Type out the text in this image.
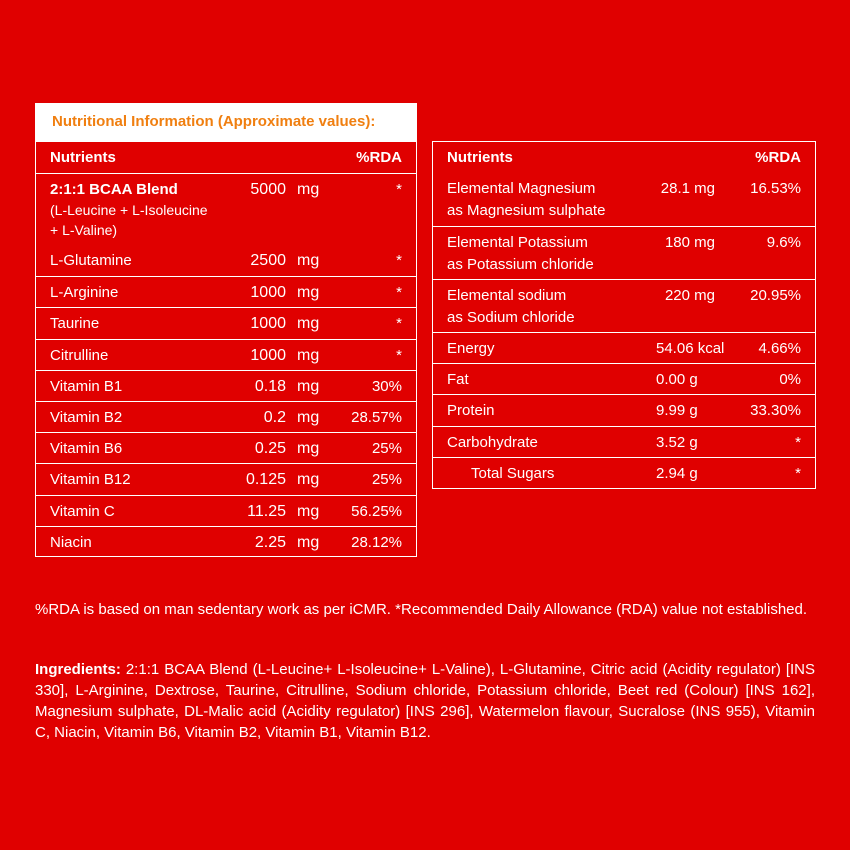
Nutritional Information (Approximate values):
Nutrients	%RDA
2:1:1 BCAA Blend
(L-Leucine + L-Isoleucine
+ L-Valine)
5000 mg	*
L-Glutamine	2500 mg	*
L-Arginine	1000 mg	*
Taurine	1000 mg	*
Citrulline	1000 mg	*
Vitamin B1	0.18 mg	30%
Vitamin B2	0.2 mg 28.57%
Vitamin B6	0.25 mg	25%
Vitamin B12	0.125 mg	25%
Vitamin C	11.25 mg 56.25%
Niacin	2.25 mg 28.12%
Nutrients	%RDA
Elemental Magnesium
as Magnesium sulphate
28.1 mg 16.53%
Elemental Potassium
as Potassium chloride
180 mg	9.6%
Elemental sodium
as Sodium chloride
220 mg 20.95%
Energy	54.06 kcal 4.66%
Fat	0.00 g	0%
Protein	9.99 g	33.30%
Carbohydrate	3.52 g	*
Total Sugars	2.94 g	*
%RDA is based on man sedentary work as per iCMR. *Recommended Daily Allowance (RDA) value not established.
Ingredients: 2:1:1 BCAA Blend (L-Leucine+ L-Isoleucine+ L-Valine), L-Glutamine, Citric acid (Acidity regulator) [INS 330], L-Arginine, Dextrose, Taurine, Citrulline, Sodium chloride, Potassium chloride, Beet red (Colour) [INS 162], Magnesium sulphate, DL-Malic acid (Acidity regulator) [INS 296], Watermelon flavour, Sucralose (INS 955), Vitamin C, Niacin, Vitamin B6, Vitamin B2, Vitamin B1, Vitamin B12.
